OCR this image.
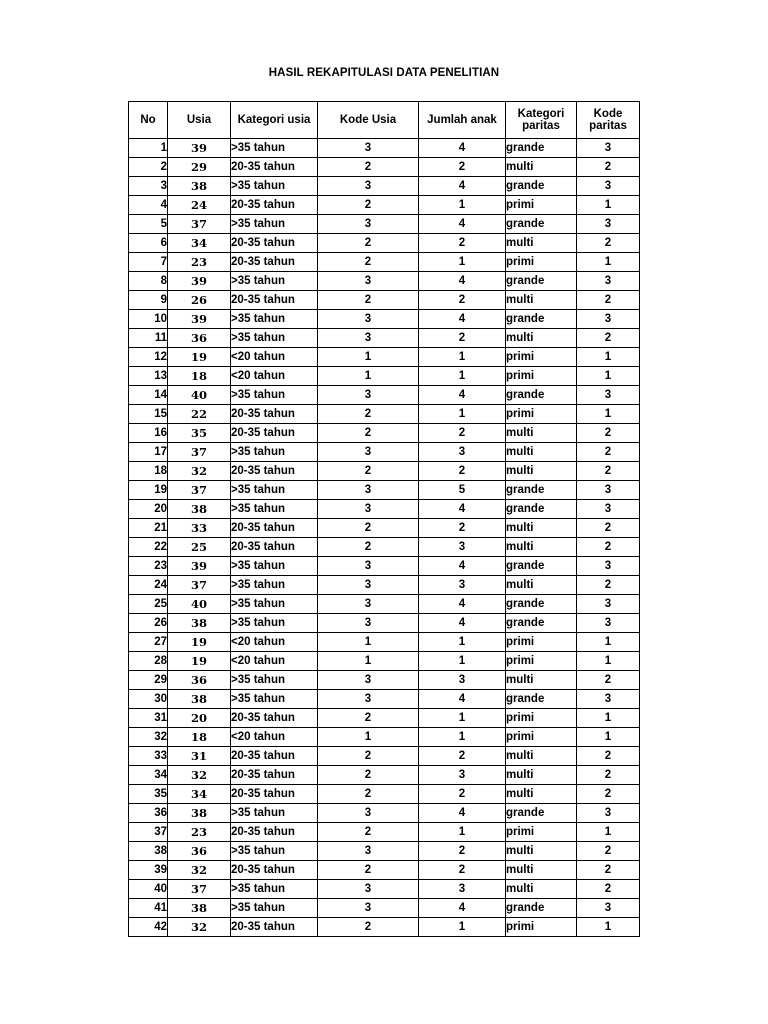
HASIL REKAPITULASI DATA PENELITIAN
No	Usia	Kategori usia	Kode Usia	Jumlah anak	Kategori paritas	Kode paritas
1	39	>35 tahun	3	4	grande	3
2	29	20-35 tahun	2	2	multi	2
3	38	>35 tahun	3	4	grande	3
4	24	20-35 tahun	2	1	primi	1
5	37	>35 tahun	3	4	grande	3
6	34	20-35 tahun	2	2	multi	2
7	23	20-35 tahun	2	1	primi	1
8	39	>35 tahun	3	4	grande	3
9	26	20-35 tahun	2	2	multi	2
10	39	>35 tahun	3	4	grande	3
11	36	>35 tahun	3	2	multi	2
12	19	<20 tahun	1	1	primi	1
13	18	<20 tahun	1	1	primi	1
14	40	>35 tahun	3	4	grande	3
15	22	20-35 tahun	2	1	primi	1
16	35	20-35 tahun	2	2	multi	2
17	37	>35 tahun	3	3	multi	2
18	32	20-35 tahun	2	2	multi	2
19	37	>35 tahun	3	5	grande	3
20	38	>35 tahun	3	4	grande	3
21	33	20-35 tahun	2	2	multi	2
22	25	20-35 tahun	2	3	multi	2
23	39	>35 tahun	3	4	grande	3
24	37	>35 tahun	3	3	multi	2
25	40	>35 tahun	3	4	grande	3
26	38	>35 tahun	3	4	grande	3
27	19	<20 tahun	1	1	primi	1
28	19	<20 tahun	1	1	primi	1
29	36	>35 tahun	3	3	multi	2
30	38	>35 tahun	3	4	grande	3
31	20	20-35 tahun	2	1	primi	1
32	18	<20 tahun	1	1	primi	1
33	31	20-35 tahun	2	2	multi	2
34	32	20-35 tahun	2	3	multi	2
35	34	20-35 tahun	2	2	multi	2
36	38	>35 tahun	3	4	grande	3
37	23	20-35 tahun	2	1	primi	1
38	36	>35 tahun	3	2	multi	2
39	32	20-35 tahun	2	2	multi	2
40	37	>35 tahun	3	3	multi	2
41	38	>35 tahun	3	4	grande	3
42	32	20-35 tahun	2	1	primi	1
